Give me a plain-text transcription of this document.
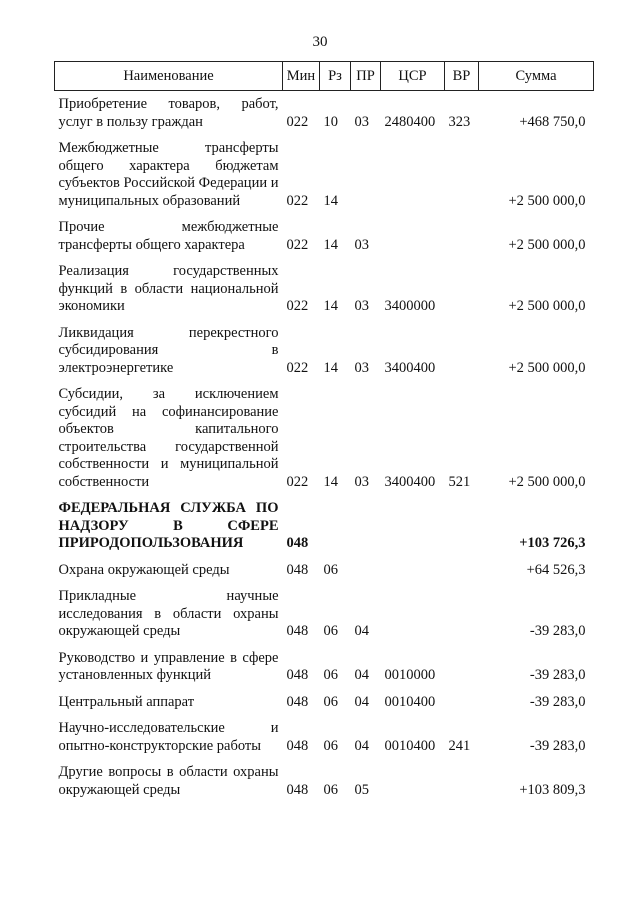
30
Наименование	Мин	Рз	ПР	ЦСР	ВР	Сумма
Приобретение товаров, работ, услуг в пользу граждан	022	10	03	2480400	323	+468 750,0
Межбюджетные трансферты общего характера бюджетам субъектов Российской Федерации и муниципальных образований	022	14				+2 500 000,0
Прочие межбюджетные трансферты общего характера	022	14	03			+2 500 000,0
Реализация государственных функций в области национальной экономики	022	14	03	3400000		+2 500 000,0
Ликвидация перекрестного субсидирования в электроэнергетике	022	14	03	3400400		+2 500 000,0
Субсидии, за исключением субсидий на софинансирование объектов капитального строительства государственной собственности и муниципальной собственности	022	14	03	3400400	521	+2 500 000,0
ФЕДЕРАЛЬНАЯ СЛУЖБА ПО НАДЗОРУ В СФЕРЕ ПРИРОДОПОЛЬЗОВАНИЯ	048					+103 726,3
Охрана окружающей среды	048	06				+64 526,3
Прикладные научные исследования в области охраны окружающей среды	048	06	04			-39 283,0
Руководство и управление в сфере установленных функций	048	06	04	0010000		-39 283,0
Центральный аппарат	048	06	04	0010400		-39 283,0
Научно-исследовательские и опытно-конструкторские работы	048	06	04	0010400	241	-39 283,0
Другие вопросы в области охраны окружающей среды	048	06	05			+103 809,3
